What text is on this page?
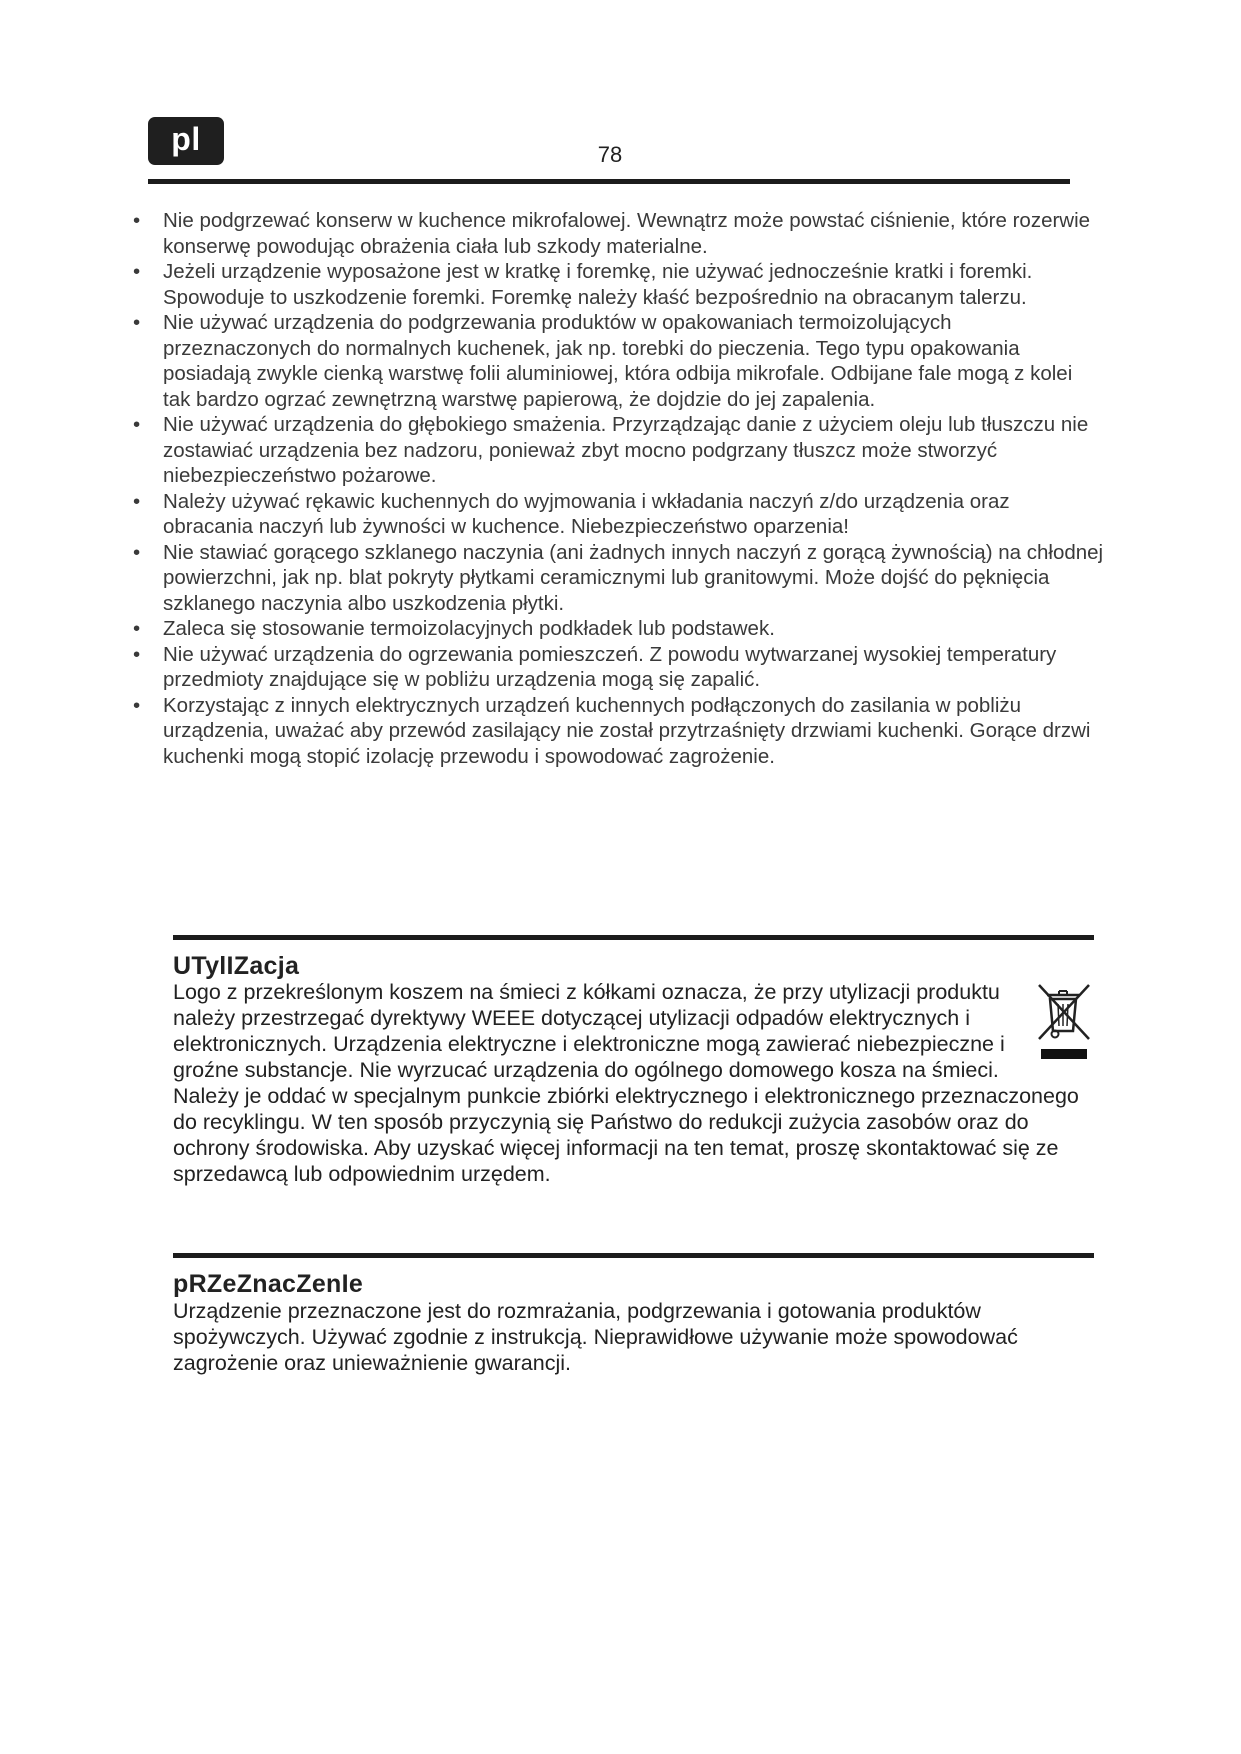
pl	78
• Nie podgrzewać konserw w kuchence mikrofalowej. Wewnątrz może powstać ciśnienie, które rozerwie konserwę powodując obrażenia ciała lub szkody materialne.
• Jeżeli urządzenie wyposażone jest w kratkę i foremkę, nie używać jednocześnie kratki i foremki. Spowoduje to uszkodzenie foremki. Foremkę należy kłaść bezpośrednio na obracanym talerzu.
• Nie używać urządzenia do podgrzewania produktów w opakowaniach termoizolujących przeznaczonych do normalnych kuchenek, jak np. torebki do pieczenia. Tego typu opakowania posiadają zwykle cienką warstwę folii aluminiowej, która odbija mikrofale. Odbijane fale mogą z kolei tak bardzo ogrzać zewnętrzną warstwę papierową, że dojdzie do jej zapalenia.
• Nie używać urządzenia do głębokiego smażenia. Przyrządzając danie z użyciem oleju lub tłuszczu nie zostawiać urządzenia bez nadzoru, ponieważ zbyt mocno podgrzany tłuszcz może stworzyć niebezpieczeństwo pożarowe.
• Należy używać rękawic kuchennych do wyjmowania i wkładania naczyń z/do urządzenia oraz obracania naczyń lub żywności w kuchence. Niebezpieczeństwo oparzenia!
• Nie stawiać gorącego szklanego naczynia (ani żadnych innych naczyń z gorącą żywnością) na chłodnej powierzchni, jak np. blat pokryty płytkami ceramicznymi lub granitowymi. Może dojść do pęknięcia szklanego naczynia albo uszkodzenia płytki.
• Zaleca się stosowanie termoizolacyjnych podkładek lub podstawek.
• Nie używać urządzenia do ogrzewania pomieszczeń. Z powodu wytwarzanej wysokiej temperatury przedmioty znajdujące się w pobliżu urządzenia mogą się zapalić.
• Korzystając z innych elektrycznych urządzeń kuchennych podłączonych do zasilania w pobliżu urządzenia, uważać aby przewód zasilający nie został przytrzaśnięty drzwiami kuchenki. Gorące drzwi kuchenki mogą stopić izolację przewodu i spowodować zagrożenie.
UTylIZacja
Logo z przekreślonym koszem na śmieci z kółkami oznacza, że przy utylizacji produktu należy przestrzegać dyrektywy WEEE dotyczącej utylizacji odpadów elektrycznych i elektronicznych. Urządzenia elektryczne i elektroniczne mogą zawierać niebezpieczne i groźne substancje. Nie wyrzucać urządzenia do ogólnego domowego kosza na śmieci. Należy je oddać w specjalnym punkcie zbiórki elektrycznego i elektronicznego przeznaczonego do recyklingu. W ten sposób przyczynią się Państwo do redukcji zużycia zasobów oraz do ochrony środowiska. Aby uzyskać więcej informacji na ten temat, proszę skontaktować się ze sprzedawcą lub odpowiednim urzędem.
pRZeZnacZenIe

Urządzenie przeznaczone jest do rozmrażania, podgrzewania i gotowania produktów spożywczych. Używać zgodnie z instrukcją. Nieprawidłowe używanie może spowodować zagrożenie oraz unieważnienie gwarancji.
